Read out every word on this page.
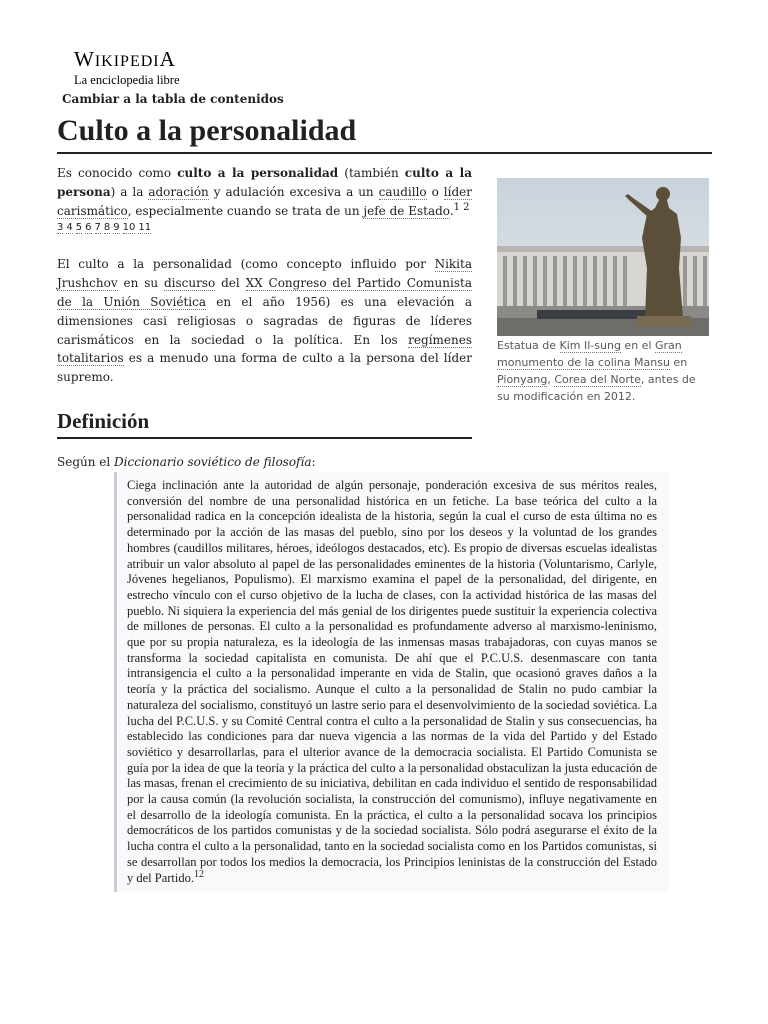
WIKIPEDIA
La enciclopedia libre
Cambiar a la tabla de contenidos
Culto a la personalidad

Es conocido como culto a la personalidad (también culto a la persona) a la adoración y adulación excesiva a un caudillo o líder carismático, especialmente cuando se trata de un jefe de Estado.$^{1 2}$

3 4 5 6 7 8 9 10 11

El culto a la personalidad (como concepto influido por Nikita Jrushchov en su discurso del XX Congreso del Partido Comunista de la Unión Soviética en el año 1956) es una elevación a dimensiones casi religiosas o sagradas de figuras de líderes carismáticos en la sociedad o la política. En los regímenes totalitarios es a menudo una forma de culto a la persona del líder supremo.

Definición

Según el Diccionario soviético de filosofía:

Estatua de Kim Il-sung en el Gran monumento de la colina Mansu en Pionyang, Corea del Norte, antes de su modificación en 2012.

Ciega inclinación ante la autoridad de algún personaje, ponderación excesiva de sus méritos reales, conversión del nombre de una personalidad histórica en un fetiche. La base teórica del culto a la personalidad radica en la concepción idealista de la historia, según la cual el curso de esta última no es determinado por la acción de las masas del pueblo, sino por los deseos y la voluntad de los grandes hombres (caudillos militares, héroes, ideólogos destacados, etc). Es propio de diversas escuelas idealistas atribuir un valor absoluto al papel de las personalidades eminentes de la historia (Voluntarismo, Carlyle, Jóvenes hegelianos, Populismo). El marxismo examina el papel de la personalidad, del dirigente, en estrecho vínculo con el curso objetivo de la lucha de clases, con la actividad histórica de las masas del pueblo. Ni siquiera la experiencia del más genial de los dirigentes puede sustituir la experiencia colectiva de millones de personas. El culto a la personalidad es profundamente adverso al marxismo-leninismo, que por su propia naturaleza, es la ideología de las inmensas masas trabajadoras, con cuyas manos se transforma la sociedad capitalista en comunista. De ahí que el P.C.U.S. desenmascare con tanta intransigencia el culto a la personalidad imperante en vida de Stalin, que ocasionó graves daños a la teoría y la práctica del socialismo. Aunque el culto a la personalidad de Stalin no pudo cambiar la naturaleza del socialismo, constituyó un lastre serio para el desenvolvimiento de la sociedad soviética. La lucha del P.C.U.S. y su Comité Central contra el culto a la personalidad de Stalin y sus consecuencias, ha establecido las condiciones para dar nueva vigencia a las normas de la vida del Partido y del Estado soviético y desarrollarlas, para el ulterior avance de la democracia socialista. El Partido Comunista se guía por la idea de que la teoría y la práctica del culto a la personalidad obstaculizan la justa educación de las masas, frenan el crecimiento de su iniciativa, debilitan en cada individuo el sentido de responsabilidad por la causa común (la revolución socialista, la construcción del comunismo), influye negativamente en el desarrollo de la ideología comunista. En la práctica, el culto a la personalidad socava los principios democráticos de los partidos comunistas y de la sociedad socialista. Sólo podrá asegurarse el éxito de la lucha contra el culto a la personalidad, tanto en la sociedad socialista como en los Partidos comunistas, si se desarrollan por todos los medios la democracia, los Principios leninistas de la construcción del Estado y del Partido.$^{12}$
